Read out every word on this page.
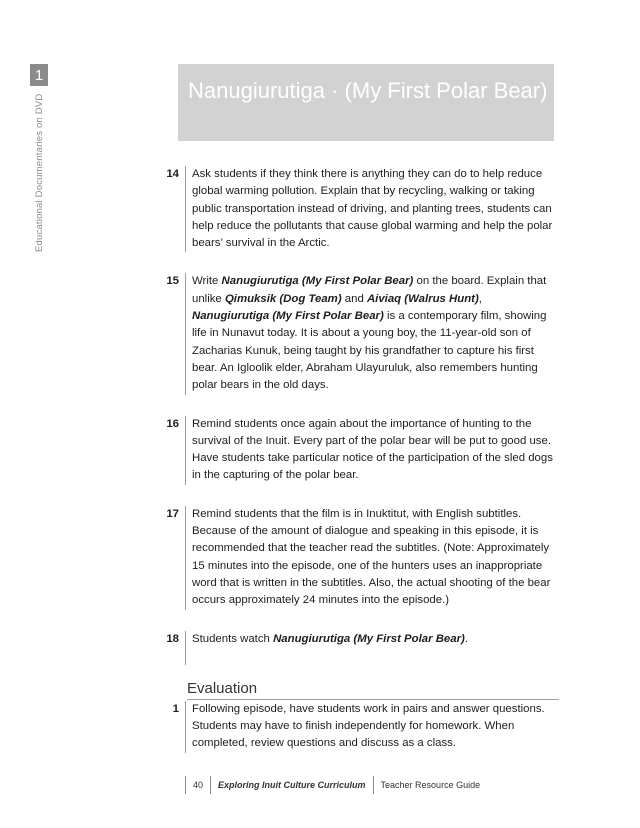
1
Educational Documentaries on DVD
Nanugiurutiga · (My First Polar Bear)
14	Ask students if they think there is anything they can do to help reduce global warming pollution. Explain that by recycling, walking or taking public transportation instead of driving, and planting trees, students can help reduce the pollutants that cause global warming and help the polar bears’ survival in the Arctic.
15	Write Nanugiurutiga (My First Polar Bear) on the board. Explain that unlike Qimuksik (Dog Team) and Aiviaq (Walrus Hunt), Nanugiurutiga (My First Polar Bear) is a contemporary film, showing life in Nunavut today. It is about a young boy, the 11-year-old son of Zacharias Kunuk, being taught by his grandfather to capture his first bear. An Igloolik elder, Abraham Ulayuruluk, also remembers hunting polar bears in the old days.
16	Remind students once again about the importance of hunting to the survival of the Inuit. Every part of the polar bear will be put to good use. Have students take particular notice of the participation of the sled dogs in the capturing of the polar bear.
17	Remind students that the film is in Inuktitut, with English subtitles. Because of the amount of dialogue and speaking in this episode, it is recommended that the teacher read the subtitles. (Note: Approximately 15 minutes into the episode, one of the hunters uses an inappropriate word that is written in the subtitles. Also, the actual shooting of the bear occurs approximately 24 minutes into the episode.)
18	Students watch Nanugiurutiga (My First Polar Bear).
Evaluation
1	Following episode, have students work in pairs and answer questions. Students may have to finish independently for homework. When completed, review questions and discuss as a class.
40 Exploring Inuit Culture Curriculum Teacher Resource Guide
